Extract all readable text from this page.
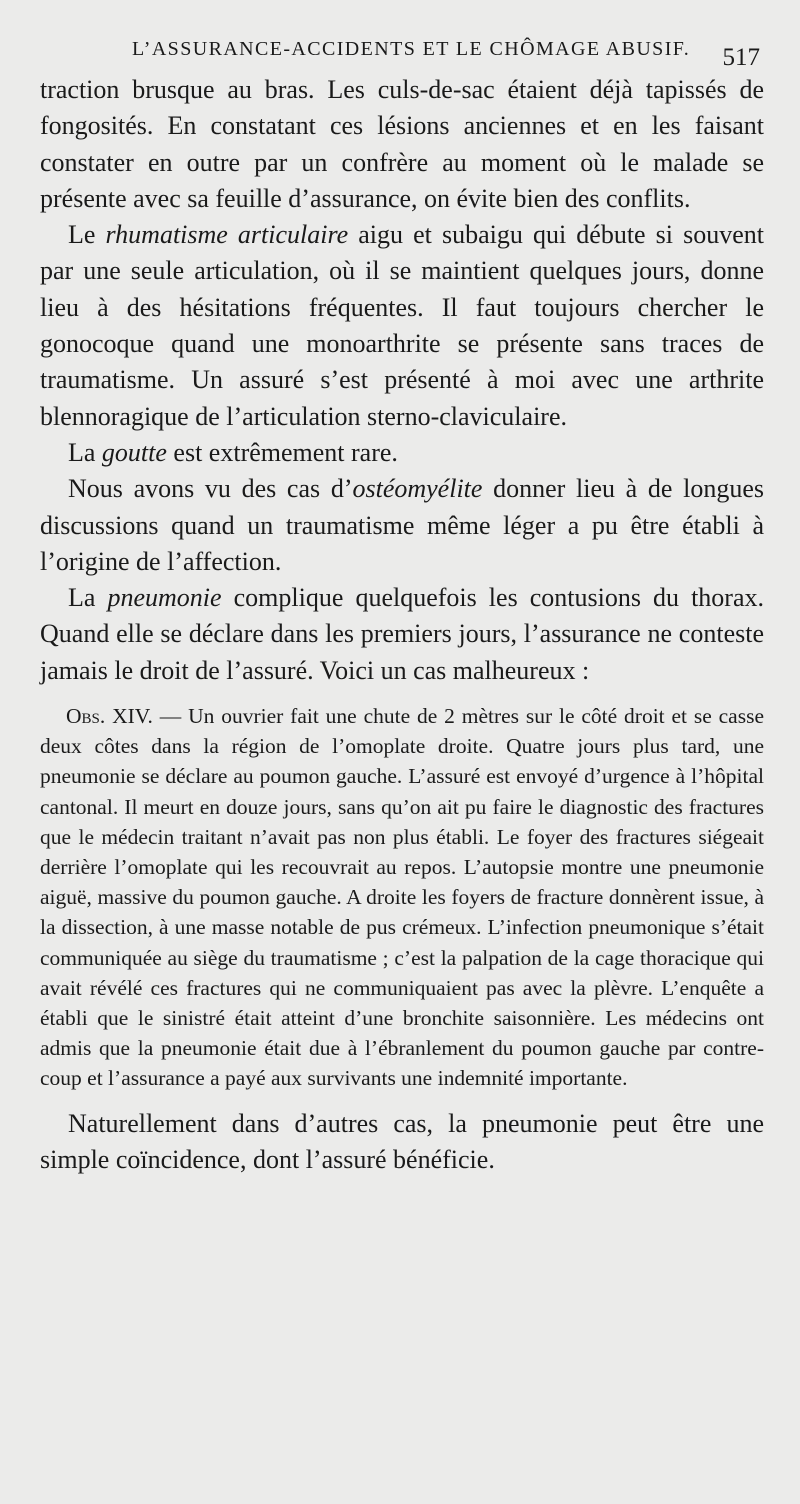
L’ASSURANCE-ACCIDENTS ET LE CHÔMAGE ABUSIF. 517

traction brusque au bras. Les culs-de-sac étaient déjà tapissés de fongosités. En constatant ces lésions anciennes et en les faisant constater en outre par un confrère au moment où le malade se présente avec sa feuille d’assurance, on évite bien des conflits.

Le rhumatisme articulaire aigu et subaigu qui débute si souvent par une seule articulation, où il se maintient quelques jours, donne lieu à des hésitations fréquentes. Il faut toujours chercher le gonocoque quand une monoarthrite se présente sans traces de traumatisme. Un assuré s’est présenté à moi avec une arthrite blennoragique de l’articulation sterno-claviculaire.

La goutte est extrêmement rare.

Nous avons vu des cas d’ostéomyélite donner lieu à de longues discussions quand un traumatisme même léger a pu être établi à l’origine de l’affection.

La pneumonie complique quelquefois les contusions du thorax. Quand elle se déclare dans les premiers jours, l’assurance ne conteste jamais le droit de l’assuré. Voici un cas malheureux :

Obs. XIV. — Un ouvrier fait une chute de 2 mètres sur le côté droit et se casse deux côtes dans la région de l’omoplate droite. Quatre jours plus tard, une pneumonie se déclare au poumon gauche. L’assuré est envoyé d’urgence à l’hôpital cantonal. Il meurt en douze jours, sans qu’on ait pu faire le diagnostic des fractures que le médecin traitant n’avait pas non plus établi. Le foyer des fractures siégeait derrière l’omoplate qui les recouvrait au repos. L’autopsie montre une pneumonie aiguë, massive du poumon gauche. A droite les foyers de fracture donnèrent issue, à la dissection, à une masse notable de pus crémeux. L’infection pneumonique s’était communiquée au siège du traumatisme ; c’est la palpation de la cage thoracique qui avait révélé ces fractures qui ne communiquaient pas avec la plèvre. L’enquête a établi que le sinistré était atteint d’une bronchite saisonnière. Les médecins ont admis que la pneumonie était due à l’ébranlement du poumon gauche par contre-coup et l’assurance a payé aux survivants une indemnité importante.

Naturellement dans d’autres cas, la pneumonie peut être une simple coïncidence, dont l’assuré bénéficie.
